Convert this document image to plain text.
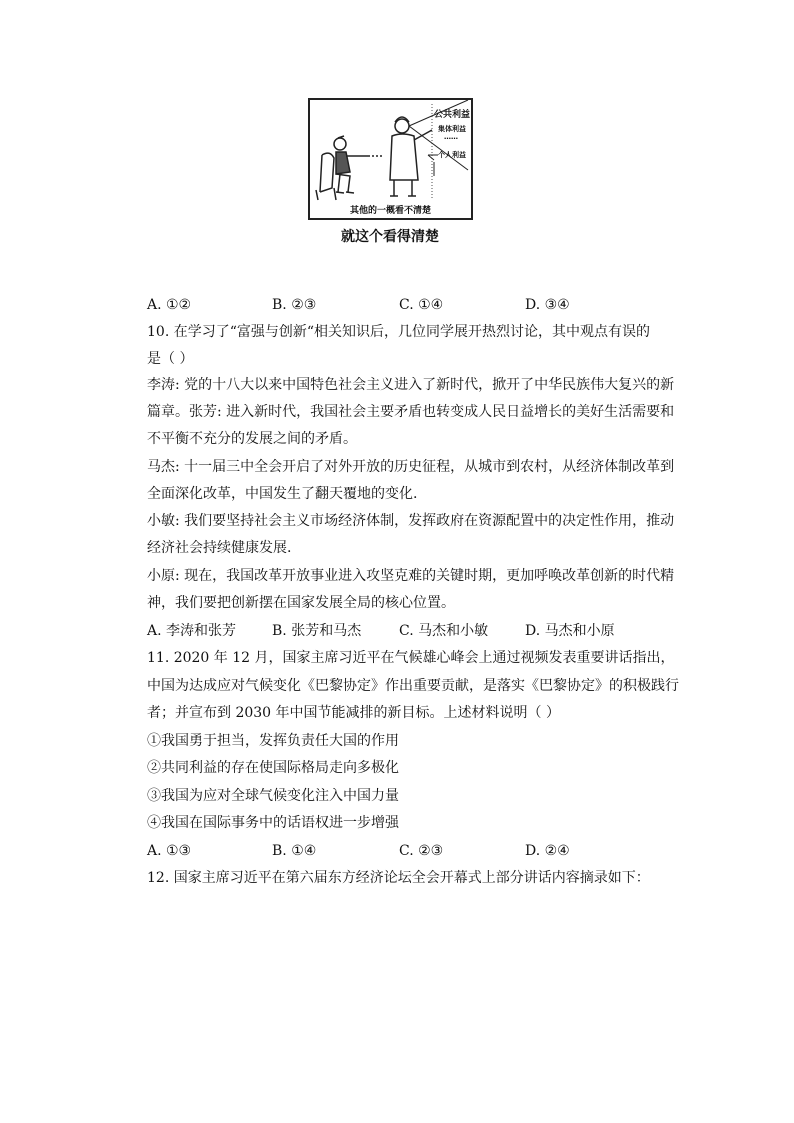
公共利益
集体利益
……
个人利益
其他的一概看不清楚
就这个看得清楚
A. ①②	B. ②③	C. ①④	D. ③④
10. 在学习了“富强与创新“相关知识后，几位同学展开热烈讨论，其中观点有误的
是（ ）
李涛: 党的十八大以来中国特色社会主义进入了新时代，掀开了中华民族伟大复兴的新
篇章。张芳: 进入新时代，我国社会主要矛盾也转变成人民日益增长的美好生活需要和
不平衡不充分的发展之间的矛盾。
马杰: 十一届三中全会开启了对外开放的历史征程，从城市到农村，从经济体制改革到
全面深化改革，中国发生了翻天覆地的变化.
小敏: 我们要坚持社会主义市场经济体制，发挥政府在资源配置中的决定性作用，推动
经济社会持续健康发展.
小原: 现在，我国改革开放事业进入攻坚克难的关键时期，更加呼唤改革创新的时代精
神，我们要把创新摆在国家发展全局的核心位置。
A. 李涛和张芳	B. 张芳和马杰	C. 马杰和小敏	D. 马杰和小原
11. 2020 年 12 月，国家主席习近平在气候雄心峰会上通过视频发表重要讲话指出，
中国为达成应对气候变化《巴黎协定》作出重要贡献，是落实《巴黎协定》的积极践行
者；并宣布到 2030 年中国节能减排的新目标。上述材料说明（ ）
①我国勇于担当，发挥负责任大国的作用
②共同利益的存在使国际格局走向多极化
③我国为应对全球气候变化注入中国力量
④我国在国际事务中的话语权进一步增强
A. ①③	B. ①④	C. ②③	D. ②④
12. 国家主席习近平在第六届东方经济论坛全会开幕式上部分讲话内容摘录如下：
